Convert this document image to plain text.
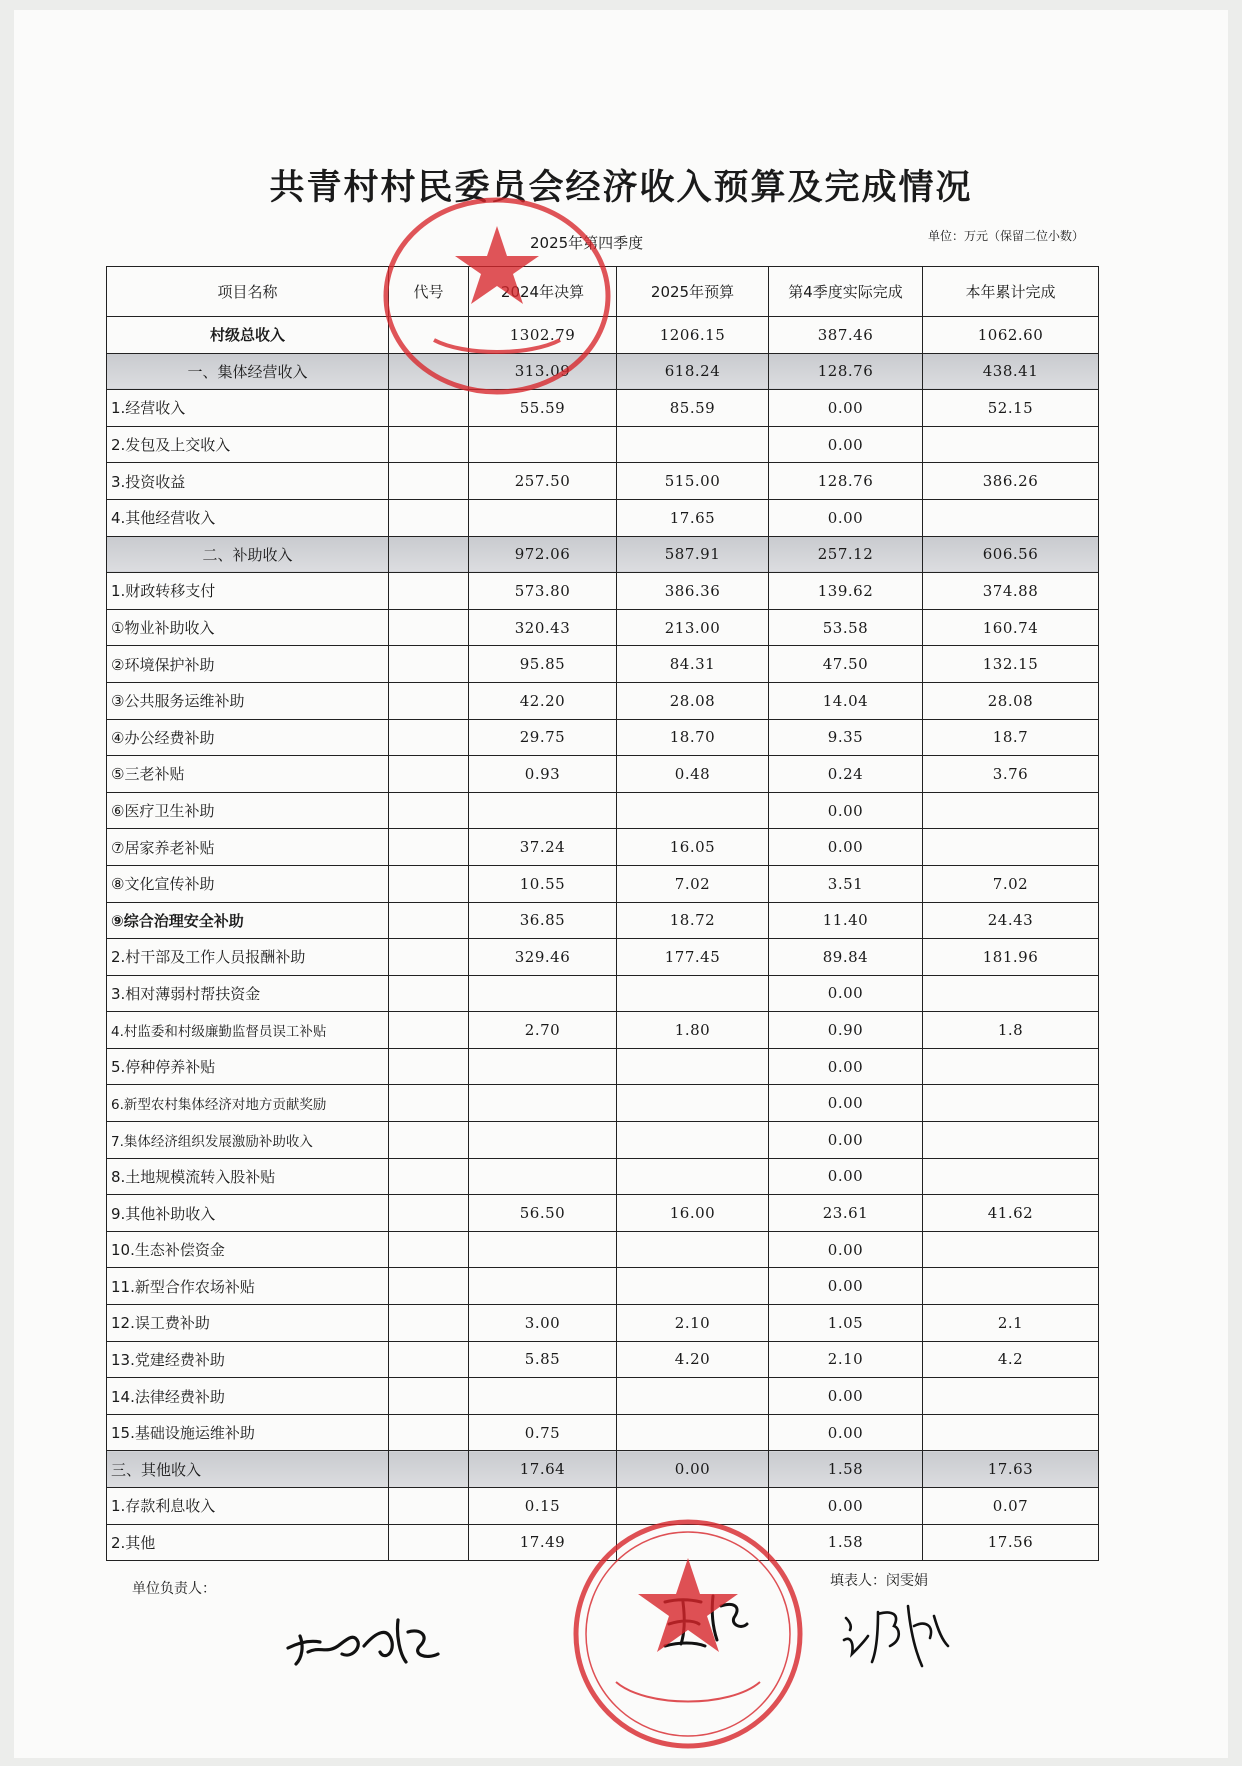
共青村村民委员会经济收入预算及完成情况
2025年第四季度	单位：万元（保留二位小数）
项目名称	代号	2024年决算	2025年预算	第4季度实际完成	本年累计完成
村级总收入		1302.79	1206.15	387.46	1062.60
一、集体经营收入		313.09	618.24	128.76	438.41
1.经营收入		55.59	85.59	0.00	52.15
2.发包及上交收入				0.00	
3.投资收益		257.50	515.00	128.76	386.26
4.其他经营收入			17.65	0.00	
二、补助收入		972.06	587.91	257.12	606.56
1.财政转移支付		573.80	386.36	139.62	374.88
①物业补助收入		320.43	213.00	53.58	160.74
②环境保护补助		95.85	84.31	47.50	132.15
③公共服务运维补助		42.20	28.08	14.04	28.08
④办公经费补助		29.75	18.70	9.35	18.7
⑤三老补贴		0.93	0.48	0.24	3.76
⑥医疗卫生补助				0.00	
⑦居家养老补贴		37.24	16.05	0.00	
⑧文化宣传补助		10.55	7.02	3.51	7.02
⑨综合治理安全补助		36.85	18.72	11.40	24.43
2.村干部及工作人员报酬补助		329.46	177.45	89.84	181.96
3.相对薄弱村帮扶资金				0.00	
4.村监委和村级廉勤监督员误工补贴		2.70	1.80	0.90	1.8
5.停种停养补贴				0.00	
6.新型农村集体经济对地方贡献奖励				0.00	
7.集体经济组织发展激励补助收入				0.00	
8.土地规模流转入股补贴				0.00	
9.其他补助收入		56.50	16.00	23.61	41.62
10.生态补偿资金				0.00	
11.新型合作农场补贴				0.00	
12.误工费补助		3.00	2.10	1.05	2.1
13.党建经费补助		5.85	4.20	2.10	4.2
14.法律经费补助				0.00	
15.基础设施运维补助		0.75		0.00	
三、其他收入		17.64	0.00	1.58	17.63
1.存款利息收入		0.15		0.00	0.07
2.其他		17.49		1.58	17.56
单位负责人：	填表人：闵雯娟
